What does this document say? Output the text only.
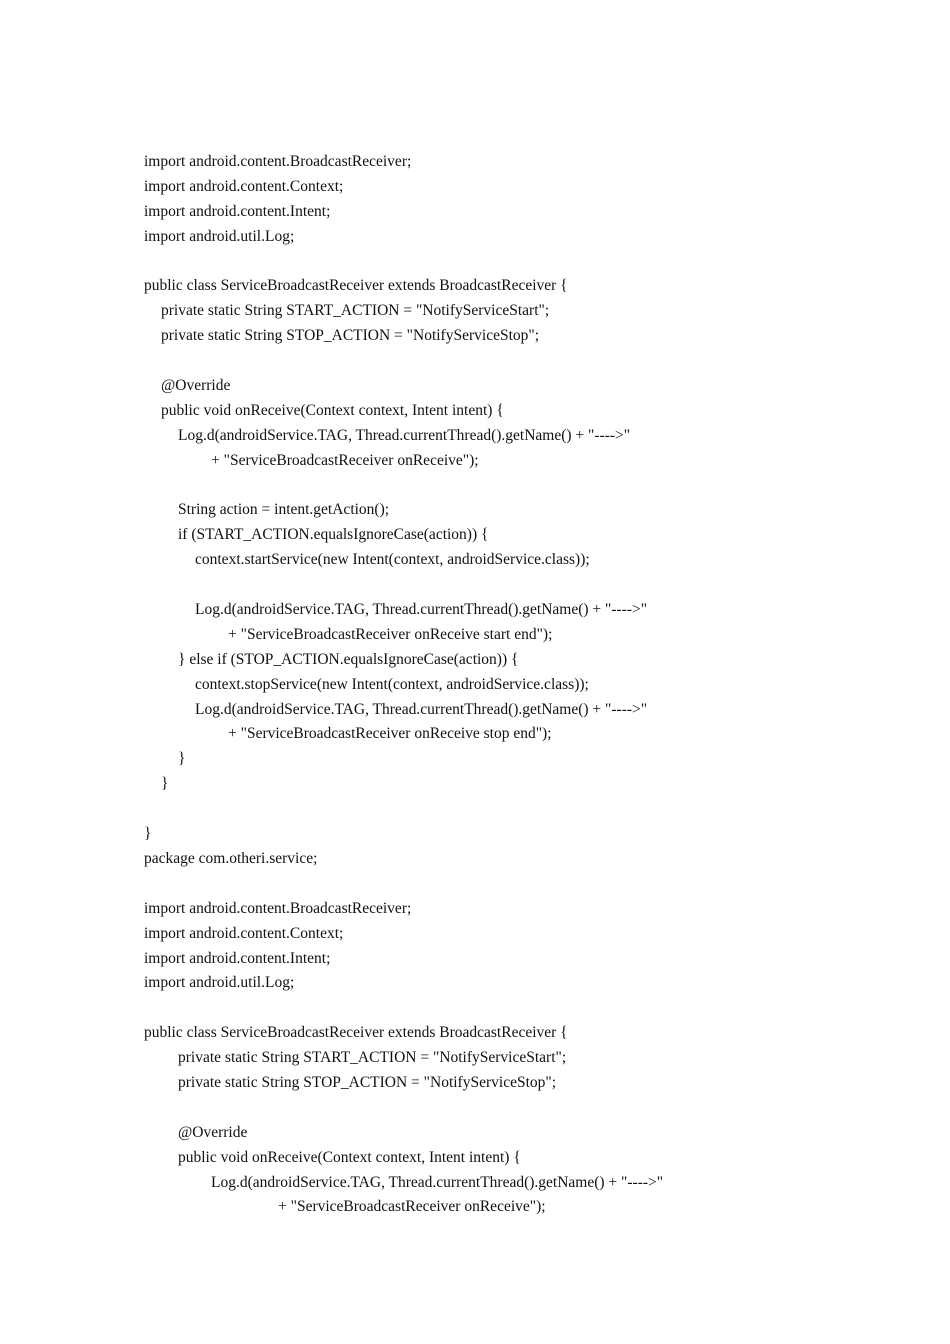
import android.content.BroadcastReceiver;
import android.content.Context;
import android.content.Intent;
import android.util.Log;
public class ServiceBroadcastReceiver extends BroadcastReceiver {
private static String START_ACTION = "NotifyServiceStart";
private static String STOP_ACTION = "NotifyServiceStop";
@Override
public void onReceive(Context context, Intent intent) {
Log.d(androidService.TAG, Thread.currentThread().getName() + "---->"
+ "ServiceBroadcastReceiver onReceive");
String action = intent.getAction();
if (START_ACTION.equalsIgnoreCase(action)) {
context.startService(new Intent(context, androidService.class));
Log.d(androidService.TAG, Thread.currentThread().getName() + "---->"
+ "ServiceBroadcastReceiver onReceive start end");
} else if (STOP_ACTION.equalsIgnoreCase(action)) {
context.stopService(new Intent(context, androidService.class));
Log.d(androidService.TAG, Thread.currentThread().getName() + "---->"
+ "ServiceBroadcastReceiver onReceive stop end");
}
}
}
package com.otheri.service;
import android.content.BroadcastReceiver;
import android.content.Context;
import android.content.Intent;
import android.util.Log;
public class ServiceBroadcastReceiver extends BroadcastReceiver {
private static String START_ACTION = "NotifyServiceStart";
private static String STOP_ACTION = "NotifyServiceStop";
@Override
public void onReceive(Context context, Intent intent) {
Log.d(androidService.TAG, Thread.currentThread().getName() + "---->"
+ "ServiceBroadcastReceiver onReceive");
